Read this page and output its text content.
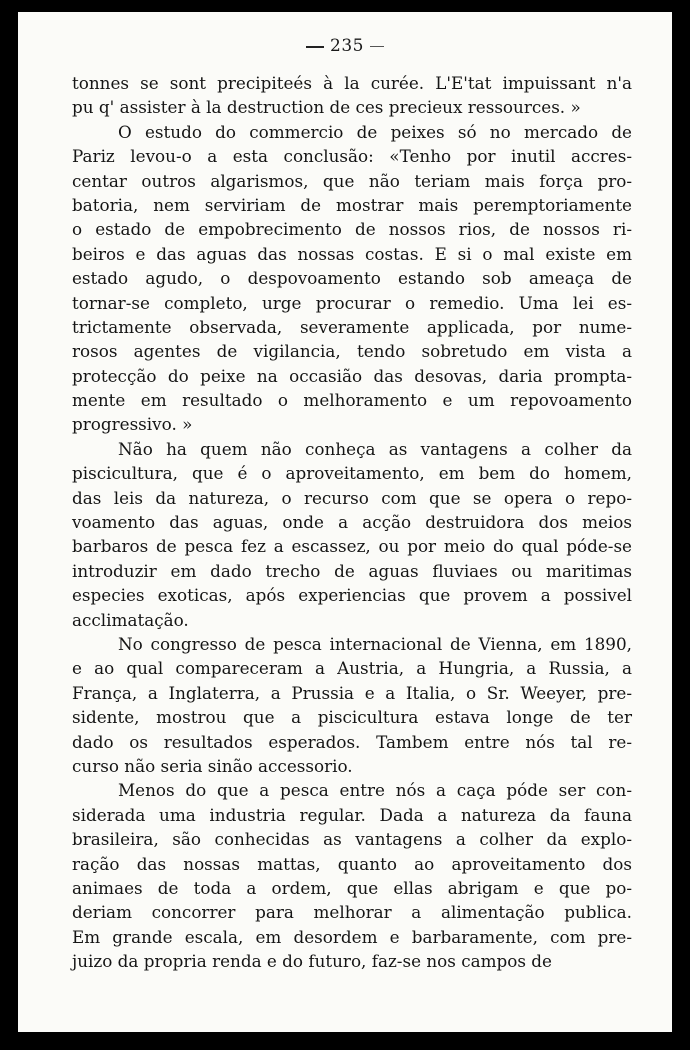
235
tonnes se sont precipiteés à la curée. L'E'tat impuissant n'a
pu q' assister à la destruction de ces precieux ressources. »
O estudo do commercio de peixes só no mercado de
Pariz levou-o a esta conclusão: «Tenho por inutil accres-
centar outros algarismos, que não teriam mais força pro-
batoria, nem serviriam de mostrar mais peremptoriamente
o estado de empobrecimento de nossos rios, de nossos ri-
beiros e das aguas das nossas costas. E si o mal existe em
estado agudo, o despovoamento estando sob ameaça de
tornar-se completo, urge procurar o remedio. Uma lei es-
trictamente observada, severamente applicada, por nume-
rosos agentes de vigilancia, tendo sobretudo em vista a
protecção do peixe na occasião das desovas, daria prompta-
mente em resultado o melhoramento e um repovoamento
progressivo. »
Não ha quem não conheça as vantagens a colher da
piscicultura, que é o aproveitamento, em bem do homem,
das leis da natureza, o recurso com que se opera o repo-
voamento das aguas, onde a acção destruidora dos meios
barbaros de pesca fez a escassez, ou por meio do qual póde-se
introduzir em dado trecho de aguas fluviaes ou maritimas
especies exoticas, após experiencias que provem a possivel
acclimatação.
No congresso de pesca internacional de Vienna, em 1890,
e ao qual compareceram a Austria, a Hungria, a Russia, a
França, a Inglaterra, a Prussia e a Italia, o Sr. Weeyer, pre-
sidente, mostrou que a piscicultura estava longe de ter
dado os resultados esperados. Tambem entre nós tal re-
curso não seria sinão accessorio.
Menos do que a pesca entre nós a caça póde ser con-
siderada uma industria regular. Dada a natureza da fauna
brasileira, são conhecidas as vantagens a colher da explo-
ração das nossas mattas, quanto ao aproveitamento dos
animaes de toda a ordem, que ellas abrigam e que po-
deriam concorrer para melhorar a alimentação publica.
Em grande escala, em desordem e barbaramente, com pre-
juizo da propria renda e do futuro, faz-se nos campos de
